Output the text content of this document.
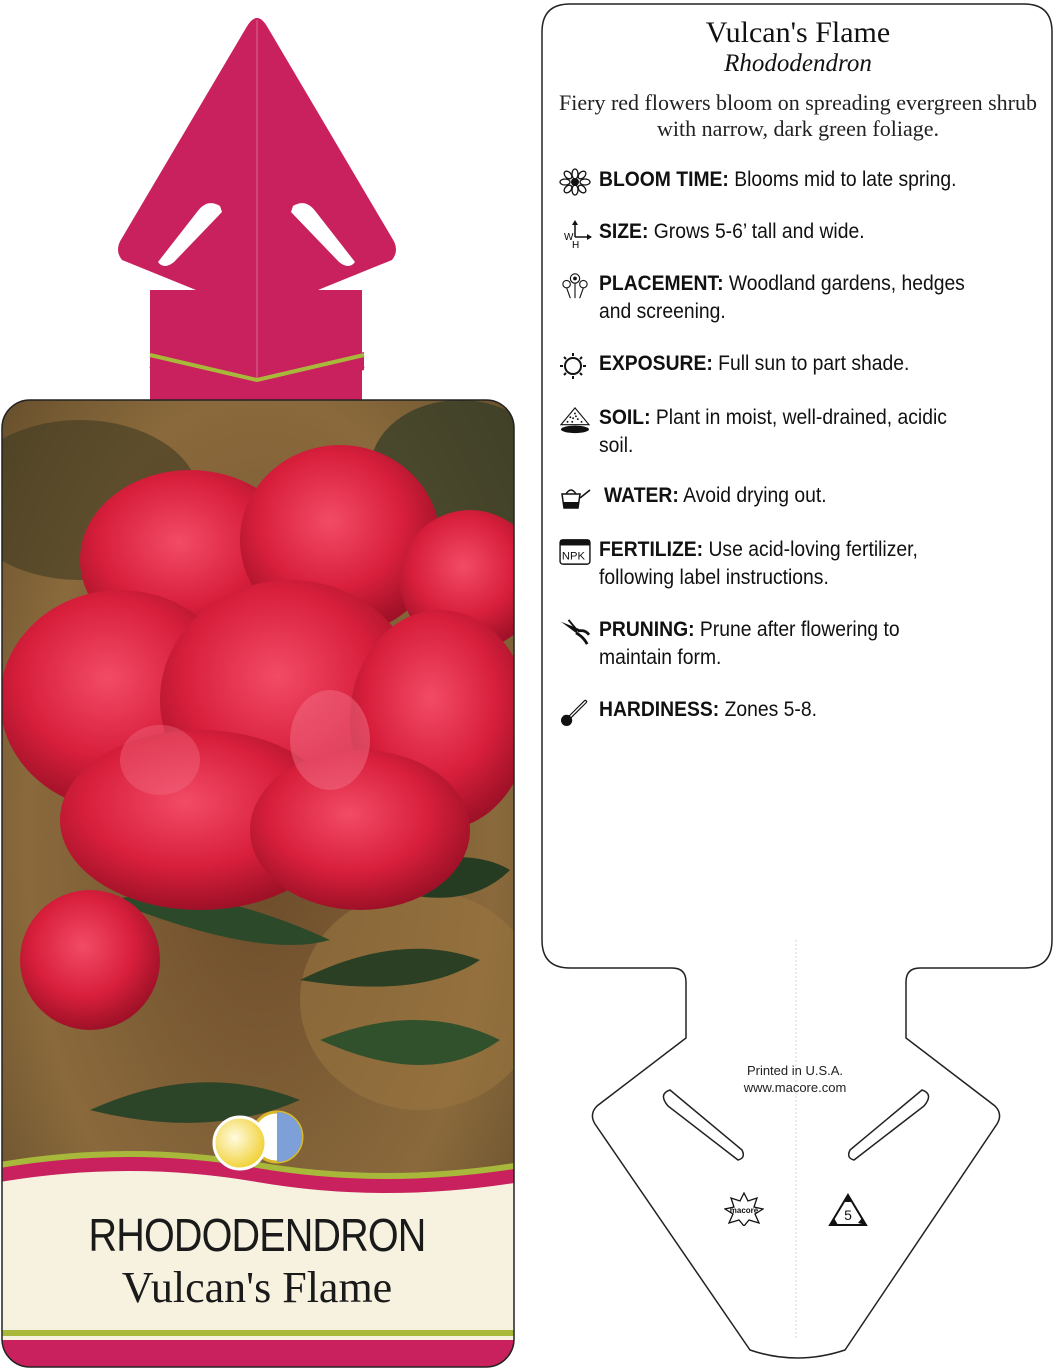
RHODODENDRON
Vulcan's Flame
Vulcan's Flame
Rhododendron
Fiery red flowers bloom on spreading evergreen shrub with narrow, dark green foliage.
BLOOM TIME: Blooms mid to late spring.
W
H
SIZE: Grows 5-6’ tall and wide.
PLACEMENT: Woodland gardens, hedges
and screening.
EXPOSURE: Full sun to part shade.
SOIL: Plant in moist, well-drained, acidic
soil.
WATER: Avoid drying out.
NPK FERTILIZE: Use acid-loving fertilizer,
following label instructions.
PRUNING: Prune after flowering to
maintain form.
HARDINESS: Zones 5-8.
Printed in U.S.A.
www.macore.com
macore	5
